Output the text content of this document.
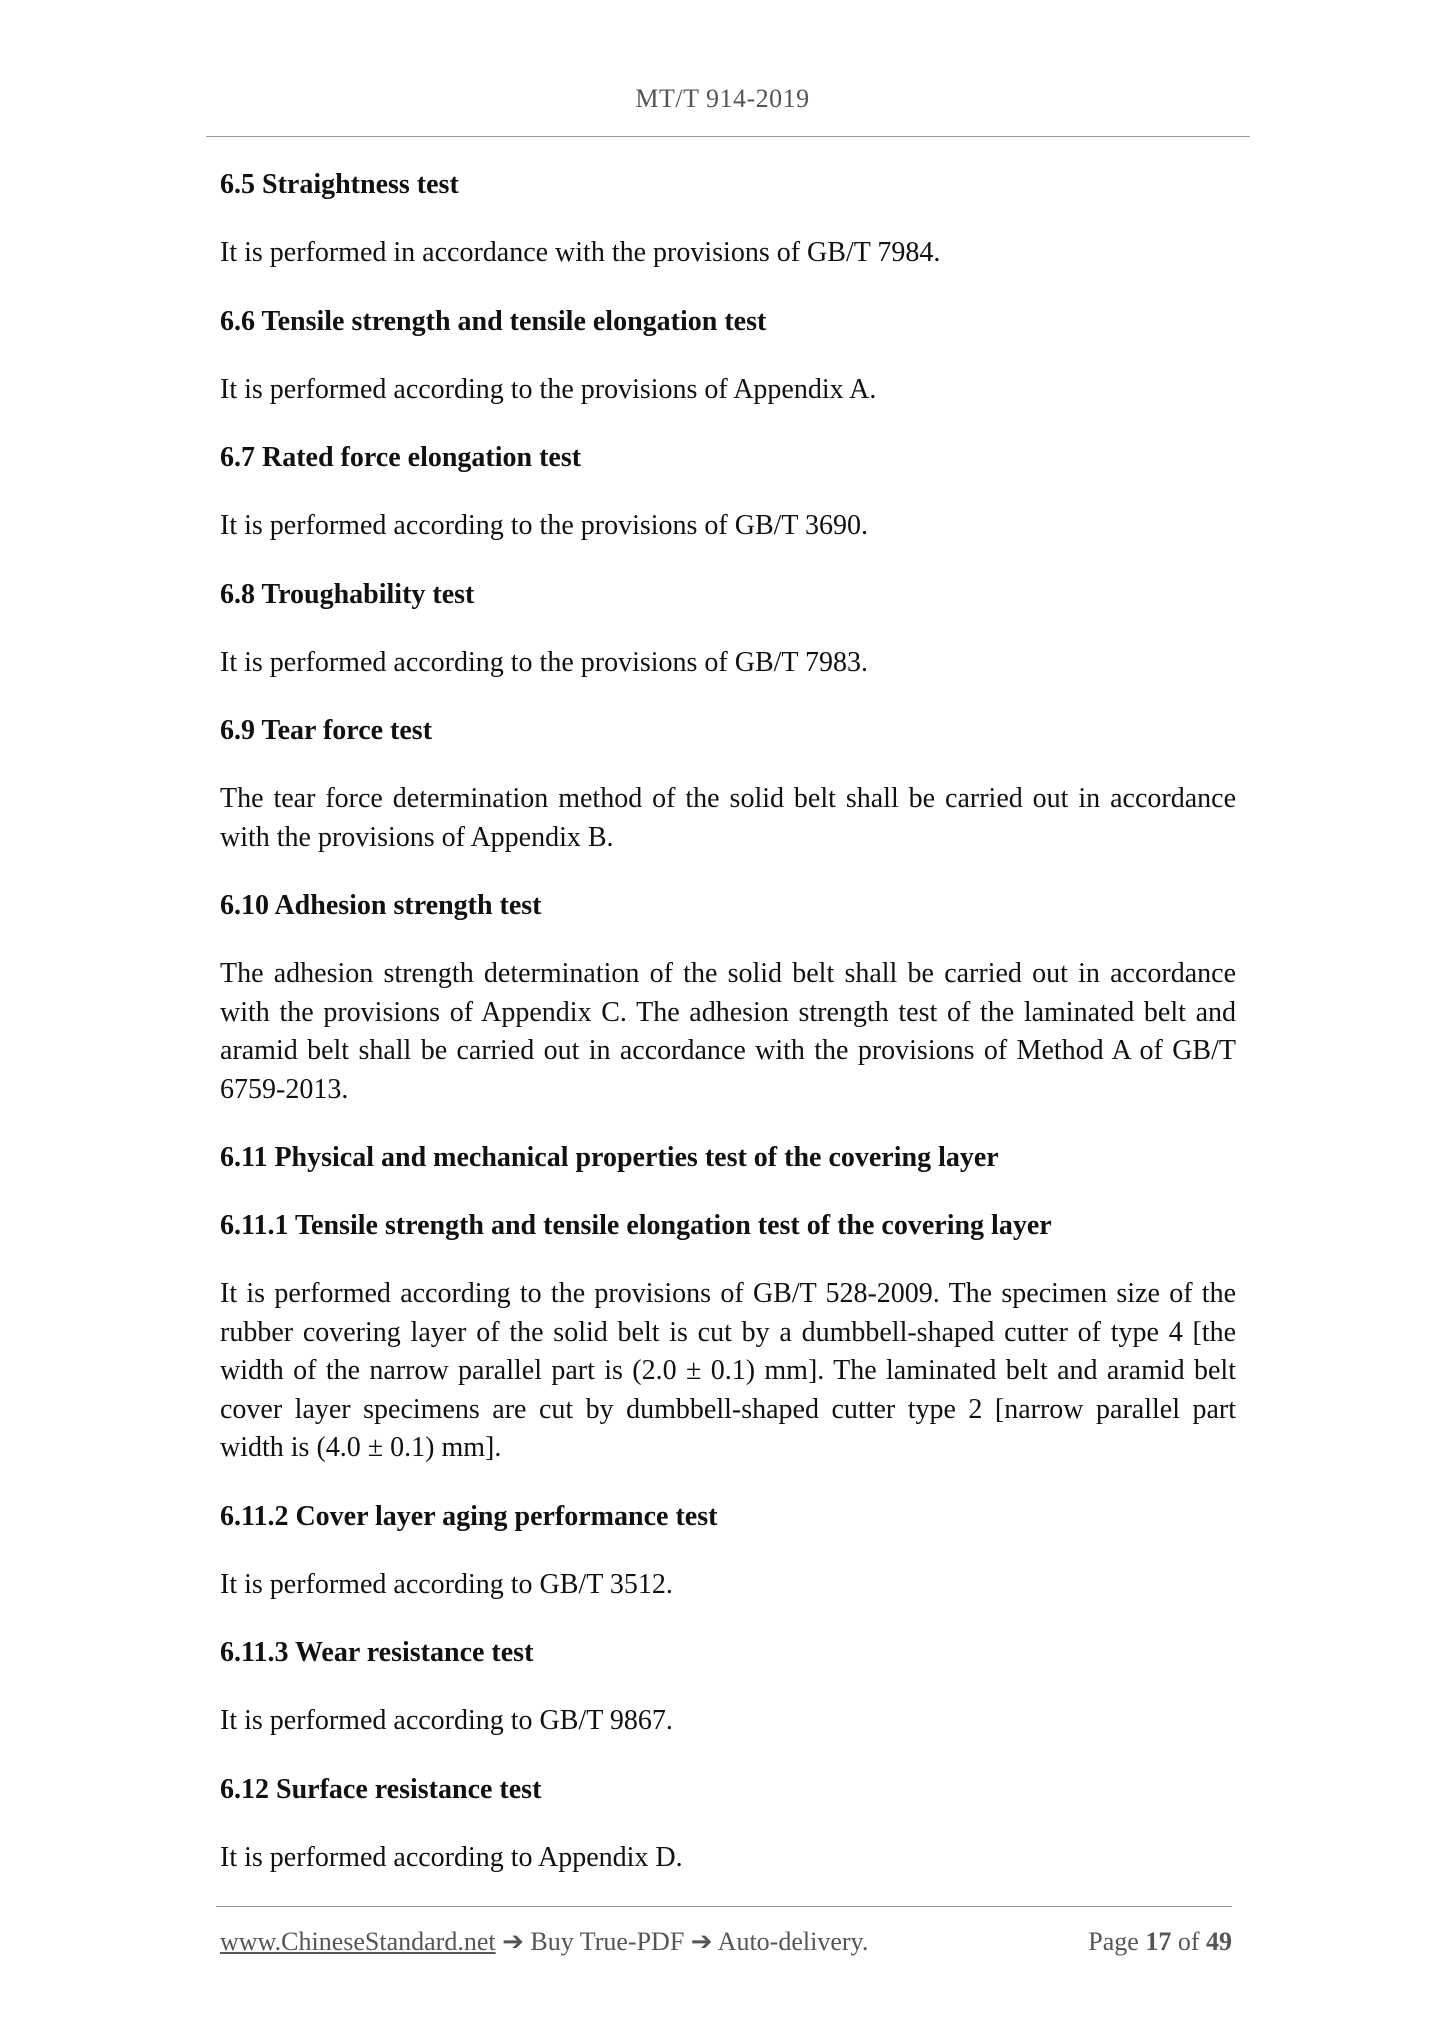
MT/T 914-2019
6.5 Straightness test
It is performed in accordance with the provisions of GB/T 7984.
6.6 Tensile strength and tensile elongation test
It is performed according to the provisions of Appendix A.
6.7 Rated force elongation test
It is performed according to the provisions of GB/T 3690.
6.8 Troughability test
It is performed according to the provisions of GB/T 7983.
6.9 Tear force test
The tear force determination method of the solid belt shall be carried out in accordance with the provisions of Appendix B.
6.10 Adhesion strength test
The adhesion strength determination of the solid belt shall be carried out in accordance with the provisions of Appendix C. The adhesion strength test of the laminated belt and aramid belt shall be carried out in accordance with the provisions of Method A of GB/T 6759-2013.
6.11 Physical and mechanical properties test of the covering layer
6.11.1 Tensile strength and tensile elongation test of the covering layer
It is performed according to the provisions of GB/T 528-2009. The specimen size of the rubber covering layer of the solid belt is cut by a dumbbell-shaped cutter of type 4 [the width of the narrow parallel part is (2.0 ± 0.1) mm]. The laminated belt and aramid belt cover layer specimens are cut by dumbbell-shaped cutter type 2 [narrow parallel part width is (4.0 ± 0.1) mm].
6.11.2 Cover layer aging performance test
It is performed according to GB/T 3512.
6.11.3 Wear resistance test
It is performed according to GB/T 9867.
6.12 Surface resistance test
It is performed according to Appendix D.
www.ChineseStandard.net ➔ Buy True-PDF ➔ Auto-delivery.	Page 17 of 49
